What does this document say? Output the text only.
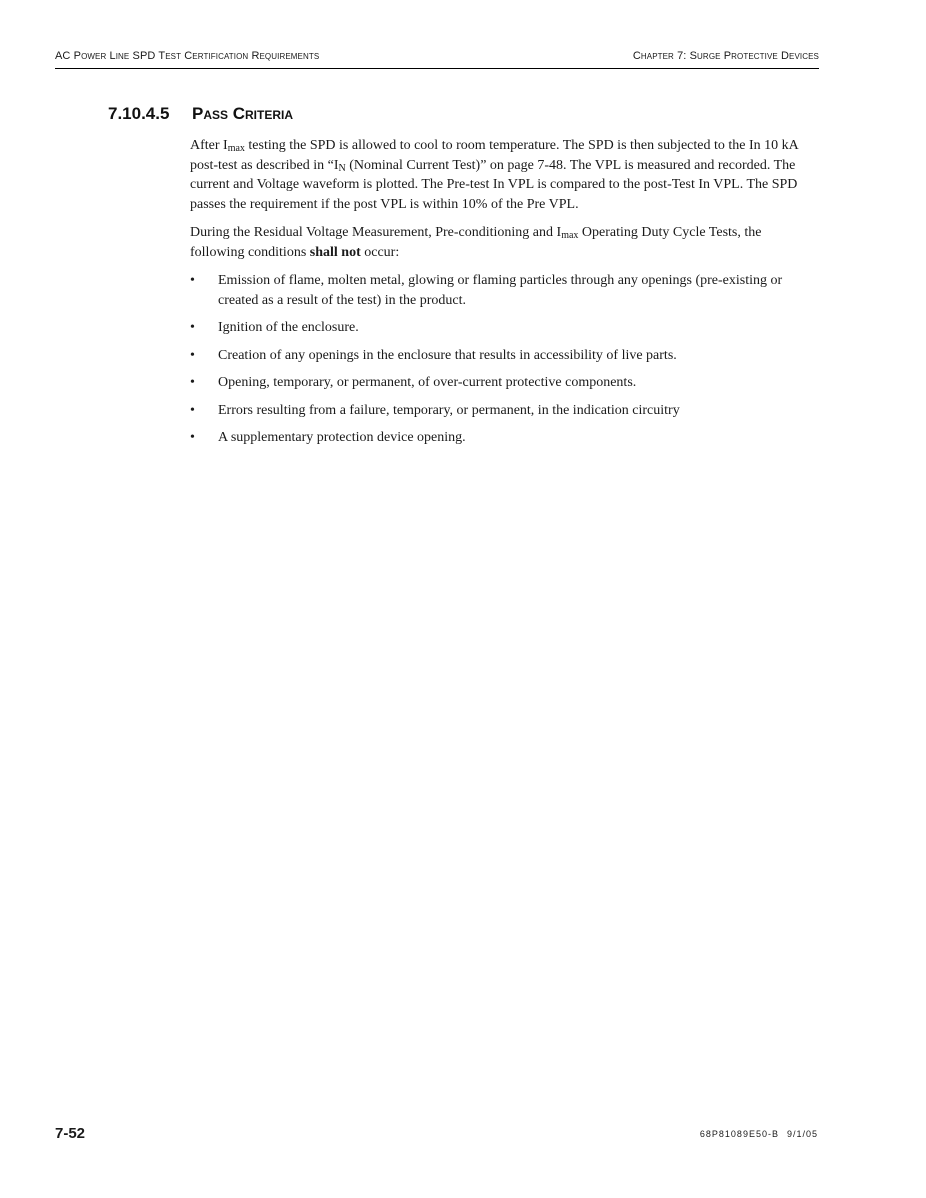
AC Power Line SPD Test Certification Requirements	Chapter 7: Surge Protective Devices
7.10.4.5 Pass Criteria

After $I_{max}$ testing the SPD is allowed to cool to room temperature. The SPD is then subjected to the In 10 kA post-test as described in “$I_N$ (Nominal Current Test)” on page 7-48. The VPL is measured and recorded. The current and Voltage waveform is plotted. The Pre-test In VPL is compared to the post-Test In VPL. The SPD passes the requirement if the post VPL is within 10% of the Pre VPL.

During the Residual Voltage Measurement, Pre-conditioning and $I_{max}$ Operating Duty Cycle Tests, the following conditions shall not occur:

• Emission of flame, molten metal, glowing or flaming particles through any openings (pre-existing or created as a result of the test) in the product.
• Ignition of the enclosure.
• Creation of any openings in the enclosure that results in accessibility of live parts.
• Opening, temporary, or permanent, of over-current protective components.
• Errors resulting from a failure, temporary, or permanent, in the indication circuitry
• A supplementary protection device opening.
7-52	68P81089E50-B 9/1/05
